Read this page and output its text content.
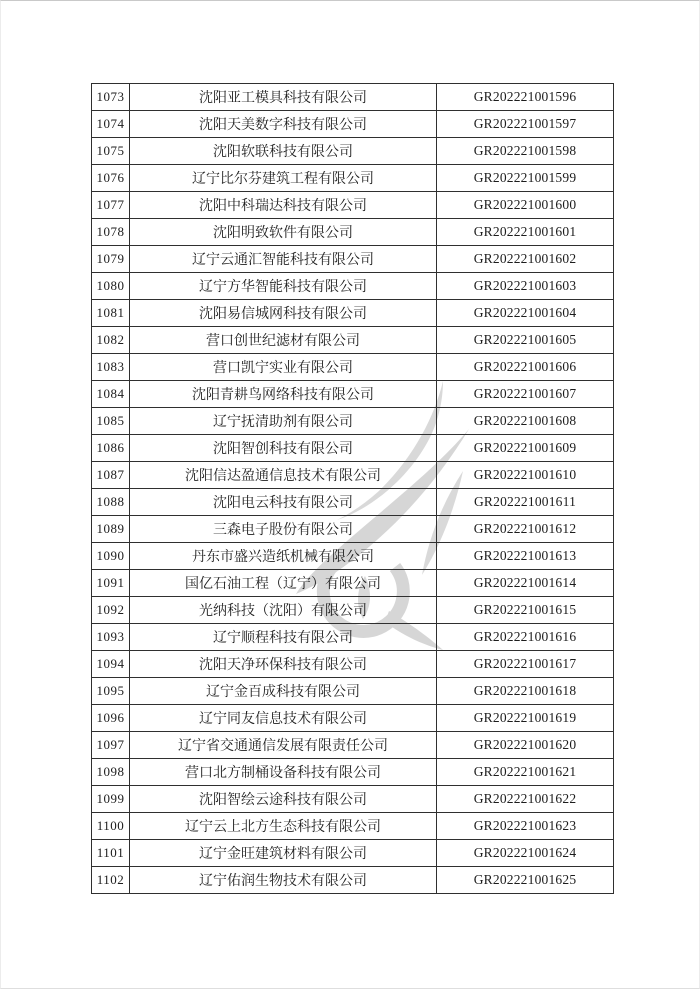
1073	沈阳亚工模具科技有限公司	GR202221001596
1074	沈阳天美数字科技有限公司	GR202221001597
1075	沈阳软联科技有限公司	GR202221001598
1076	辽宁比尔芬建筑工程有限公司	GR202221001599
1077	沈阳中科瑞达科技有限公司	GR202221001600
1078	沈阳明致软件有限公司	GR202221001601
1079	辽宁云通汇智能科技有限公司	GR202221001602
1080	辽宁方华智能科技有限公司	GR202221001603
1081	沈阳易信城网科技有限公司	GR202221001604
1082	营口创世纪滤材有限公司	GR202221001605
1083	营口凯宁实业有限公司	GR202221001606
1084	沈阳青耕鸟网络科技有限公司	GR202221001607
1085	辽宁抚清助剂有限公司	GR202221001608
1086	沈阳智创科技有限公司	GR202221001609
1087	沈阳信达盈通信息技术有限公司	GR202221001610
1088	沈阳电云科技有限公司	GR202221001611
1089	三森电子股份有限公司	GR202221001612
1090	丹东市盛兴造纸机械有限公司	GR202221001613
1091	国亿石油工程（辽宁）有限公司	GR202221001614
1092	光纳科技（沈阳）有限公司	GR202221001615
1093	辽宁顺程科技有限公司	GR202221001616
1094	沈阳天净环保科技有限公司	GR202221001617
1095	辽宁金百成科技有限公司	GR202221001618
1096	辽宁同友信息技术有限公司	GR202221001619
1097	辽宁省交通通信发展有限责任公司	GR202221001620
1098	营口北方制桶设备科技有限公司	GR202221001621
1099	沈阳智绘云途科技有限公司	GR202221001622
1100	辽宁云上北方生态科技有限公司	GR202221001623
1101	辽宁金旺建筑材料有限公司	GR202221001624
1102	辽宁佑润生物技术有限公司	GR202221001625
